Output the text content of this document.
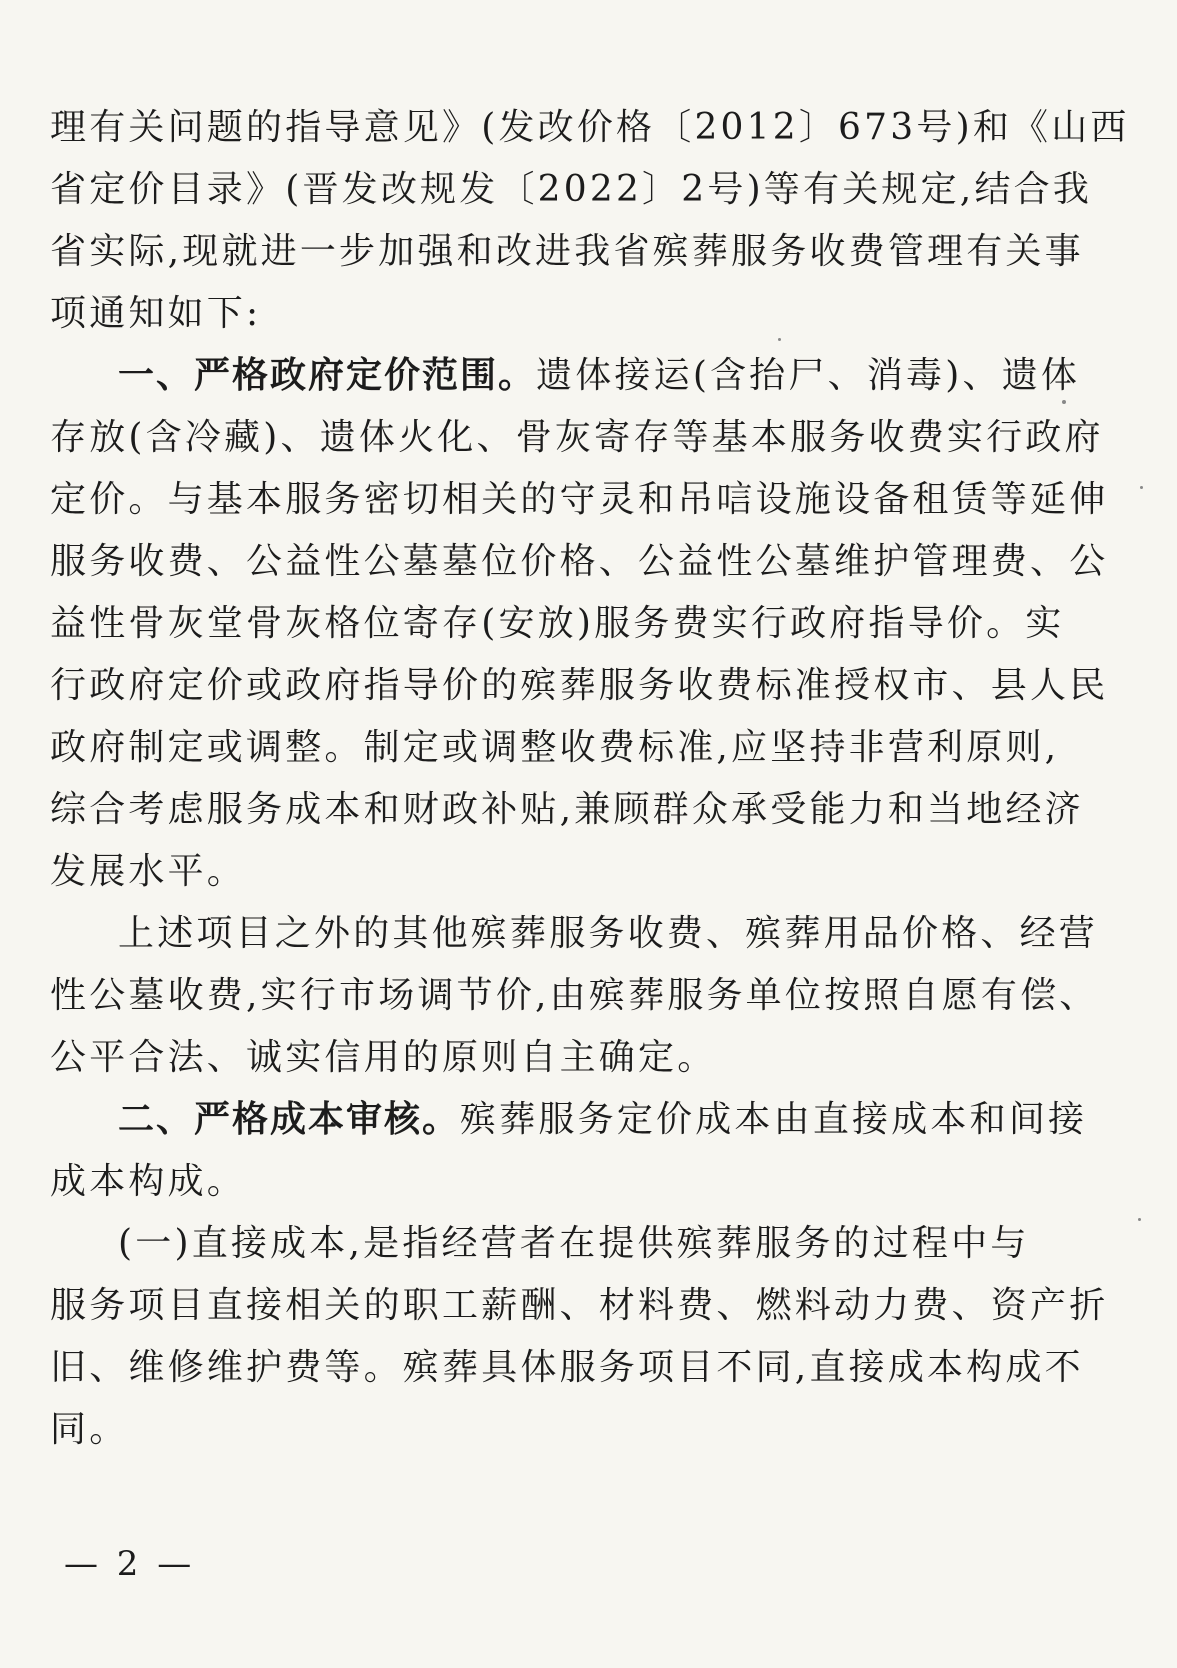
理有关问题的指导意见》(发改价格〔2012〕673号)和《山西
省定价目录》(晋发改规发〔2022〕2号)等有关规定,结合我
省实际,现就进一步加强和改进我省殡葬服务收费管理有关事
项通知如下:
一、严格政府定价范围。遗体接运(含抬尸、消毒)、遗体
存放(含冷藏)、遗体火化、骨灰寄存等基本服务收费实行政府
定价。与基本服务密切相关的守灵和吊唁设施设备租赁等延伸
服务收费、公益性公墓墓位价格、公益性公墓维护管理费、公
益性骨灰堂骨灰格位寄存(安放)服务费实行政府指导价。实
行政府定价或政府指导价的殡葬服务收费标准授权市、县人民
政府制定或调整。制定或调整收费标准,应坚持非营利原则,
综合考虑服务成本和财政补贴,兼顾群众承受能力和当地经济
发展水平。
上述项目之外的其他殡葬服务收费、殡葬用品价格、经营
性公墓收费,实行市场调节价,由殡葬服务单位按照自愿有偿、
公平合法、诚实信用的原则自主确定。
二、严格成本审核。殡葬服务定价成本由直接成本和间接
成本构成。
(一)直接成本,是指经营者在提供殡葬服务的过程中与
服务项目直接相关的职工薪酬、材料费、燃料动力费、资产折
旧、维修维护费等。殡葬具体服务项目不同,直接成本构成不
同。
— 2 —
